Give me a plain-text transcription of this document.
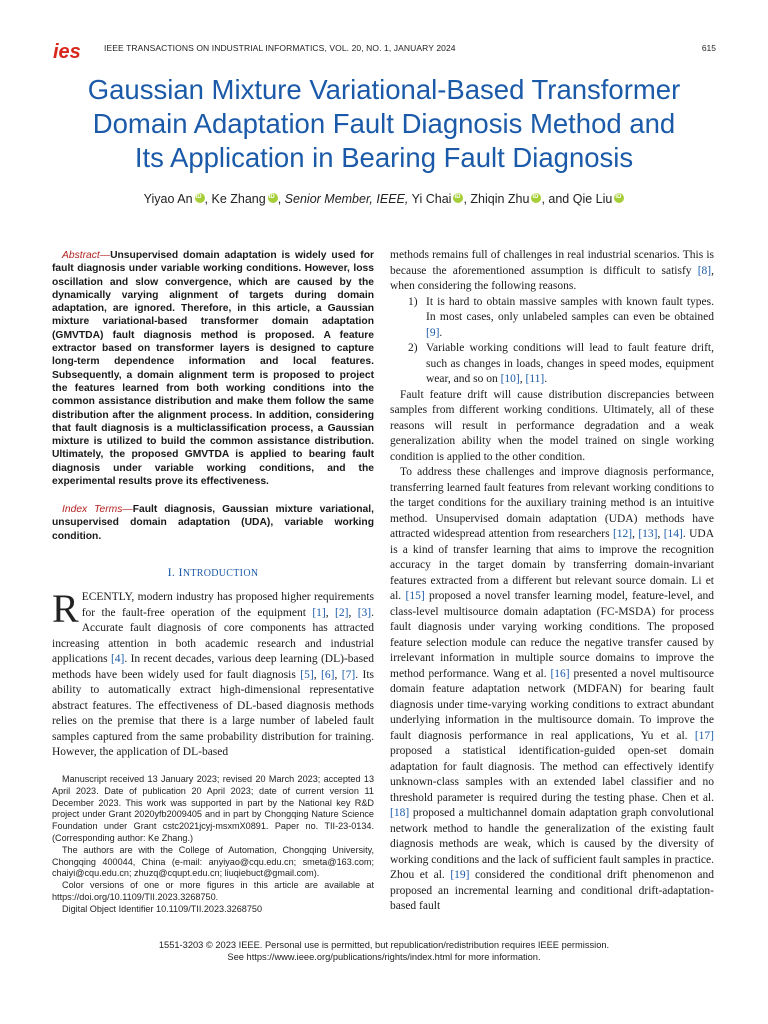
ies	IEEE TRANSACTIONS ON INDUSTRIAL INFORMATICS, VOL. 20, NO. 1, JANUARY 2024	615
Gaussian Mixture Variational-Based Transformer
Domain Adaptation Fault Diagnosis Method and
Its Application in Bearing Fault Diagnosis
Yiyao An iD , Ke Zhang iD , Senior Member, IEEE, Yi Chai iD , Zhiqin Zhu iD , and Qie LiuiD

Abstract—Unsupervised domain adaptation is widely used for fault diagnosis under variable working conditions. However, loss oscillation and slow convergence, which are caused by the dynamically varying alignment of targets during domain adaptation, are ignored. Therefore, in this article, a Gaussian mixture variational-based transformer domain adaptation (GMVTDA) fault diagnosis method is proposed. A feature extractor based on transformer layers is designed to capture long-term dependence information and local features. Subsequently, a domain alignment term is proposed to project the features learned from both working conditions into the common assistance distribution and make them follow the same distribution after the alignment process. In addition, considering that fault diagnosis is a multiclassification process, a Gaussian mixture is utilized to build the common assistance distribution. Ultimately, the proposed GMVTDA is applied to bearing fault diagnosis under variable working conditions, and the experimental results prove its effectiveness.

Index Terms—Fault diagnosis, Gaussian mixture variational, unsupervised domain adaptation (UDA), variable working condition.

I. INTRODUCTION

RECENTLY, modern industry has proposed higher requirements for the fault-free operation of the equipment [1], [2], [3]. Accurate fault diagnosis of core components has attracted increasing attention in both academic research and industrial applications [4]. In recent decades, various deep learning (DL)-based methods have been widely used for fault diagnosis [5], [6], [7]. Its ability to automatically extract high-dimensional representative abstract features. The effectiveness of DL-based diagnosis methods relies on the premise that there is a large number of labeled fault samples captured from the same probability distribution for training. However, the application of DL-based

Manuscript received 13 January 2023; revised 20 March 2023; accepted 13 April 2023. Date of publication 20 April 2023; date of current version 11 December 2023. This work was supported in part by the National key R&D project under Grant 2020yfb2009405 and in part by Chongqing Nature Science Foundation under Grant cstc2021jcyj-msxmX0891. Paper no. TII-23-0134. (Corresponding author: Ke Zhang.)

The authors are with the College of Automation, Chongqing University, Chongqing 400044, China (e-mail: anyiyao@cqu.edu.cn; smeta@163.com; chaiyi@cqu.edu.cn; zhuzq@cqupt.edu.cn; liuqiebuct@gmail.com).

Color versions of one or more figures in this article are available at https://doi.org/10.1109/TII.2023.3268750.

Digital Object Identifier 10.1109/TII.2023.3268750

methods remains full of challenges in real industrial scenarios. This is because the aforementioned assumption is difficult to satisfy [8], when considering the following reasons.

1) It is hard to obtain massive samples with known fault types. In most cases, only unlabeled samples can even be obtained [9].
2) Variable working conditions will lead to fault feature drift, such as changes in loads, changes in speed modes, equipment wear, and so on [10], [11].

Fault feature drift will cause distribution discrepancies between samples from different working conditions. Ultimately, all of these reasons will result in performance degradation and a weak generalization ability when the model trained on single working condition is applied to the other condition.

To address these challenges and improve diagnosis performance, transferring learned fault features from relevant working conditions to the target conditions for the auxiliary training method is an intuitive method. Unsupervised domain adaptation (UDA) methods have attracted widespread attention from researchers [12], [13], [14]. UDA is a kind of transfer learning that aims to improve the recognition accuracy in the target domain by transferring domain-invariant features extracted from a different but relevant source domain. Li et al. [15] proposed a novel transfer learning model, feature-level, and class-level multisource domain adaptation (FC-MSDA) for process fault diagnosis under varying working conditions. The proposed feature selection module can reduce the negative transfer caused by irrelevant information in multiple source domains to improve the method performance. Wang et al. [16] presented a novel multisource domain feature adaptation network (MDFAN) for bearing fault diagnosis under time-varying working conditions to extract abundant underlying information in the multisource domain. To improve the fault diagnosis performance in real applications, Yu et al. [17] proposed a statistical identification-guided open-set domain adaptation for fault diagnosis. The method can effectively identify unknown-class samples with an extended label classifier and no threshold parameter is required during the testing phase. Chen et al. [18] proposed a multichannel domain adaptation graph convolutional network method to handle the generalization of the existing fault diagnosis methods are weak, which is caused by the diversity of working conditions and the lack of sufficient fault samples in practice. Zhou et al. [19] considered the conditional drift phenomenon and proposed an incremental learning and conditional drift-adaptation-based fault

1551-3203 © 2023 IEEE. Personal use is permitted, but republication/redistribution requires IEEE permission.
See https://www.ieee.org/publications/rights/index.html for more information.
